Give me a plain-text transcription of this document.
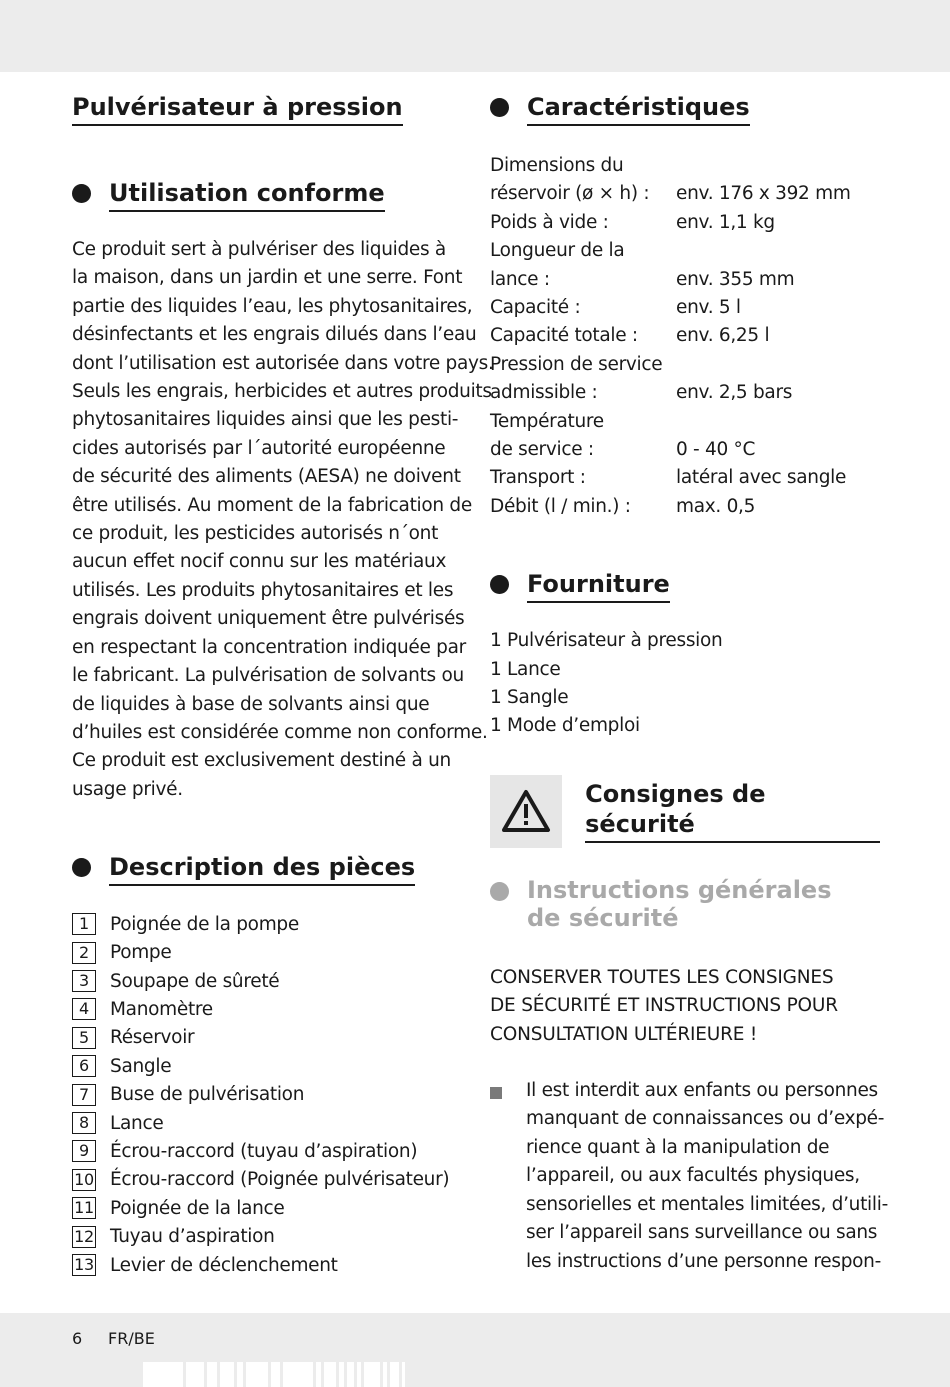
Pulvérisateur à pression
Utilisation conforme

Ce produit sert à pulvériser des liquides à
la maison, dans un jardin et une serre. Font
partie des liquides l’eau, les phytosanitaires,
désinfectants et les engrais dilués dans l’eau
dont l’utilisation est autorisée dans votre pays.
Seuls les engrais, herbicides et autres produits
phytosanitaires liquides ainsi que les pesti-
cides autorisés par l´autorité européenne
de sécurité des aliments (AESA) ne doivent
être utilisés. Au moment de la fabrication de
ce produit, les pesticides autorisés n´ont
aucun effet nocif connu sur les matériaux
utilisés. Les produits phytosanitaires et les
engrais doivent uniquement être pulvérisés
en respectant la concentration indiquée par
le fabricant. La pulvérisation de solvants ou
de liquides à base de solvants ainsi que
d’huiles est considérée comme non conforme.
Ce produit est exclusivement destiné à un
usage privé.

Description des pièces
1	Poignée de la pompe
2	Pompe
3	Soupape de sûreté
4	Manomètre
5	Réservoir
6	Sangle
7	Buse de pulvérisation
8	Lance
9	Écrou-raccord (tuyau d’aspiration)
10 Écrou-raccord (Poignée pulvérisateur)
11 Poignée de la lance
12 Tuyau d’aspiration
13 Levier de déclenchement
Caractéristiques
Dimensions du	
réservoir (ø × h) :	env. 176 x 392 mm
Poids à vide :	env. 1,1 kg
Longueur de la	
lance :	env. 355 mm
Capacité :	env. 5 l
Capacité totale :	env. 6,25 l
Pression de service	
admissible :	env. 2,5 bars
Température	
de service :	0 - 40 °C
Transport :	latéral avec sangle
Débit (l / min.) :	max. 0,5
Fourniture
1 Pulvérisateur à pression
1 Lance
1 Sangle
1 Mode d’emploi
Consignes de sécurité
Instructions générales
de sécurité

CONSERVER TOUTES LES CONSIGNES
DE SÉCURITÉ ET INSTRUCTIONS POUR
CONSULTATION ULTÉRIEURE !

Il est interdit aux enfants ou personnes
manquant de connaissances ou d’expé-
rience quant à la manipulation de
l’appareil, ou aux facultés physiques,
sensorielles et mentales limitées, d’utili-
ser l’appareil sans surveillance ou sans
les instructions d’une personne respon-

6 FR/BE
